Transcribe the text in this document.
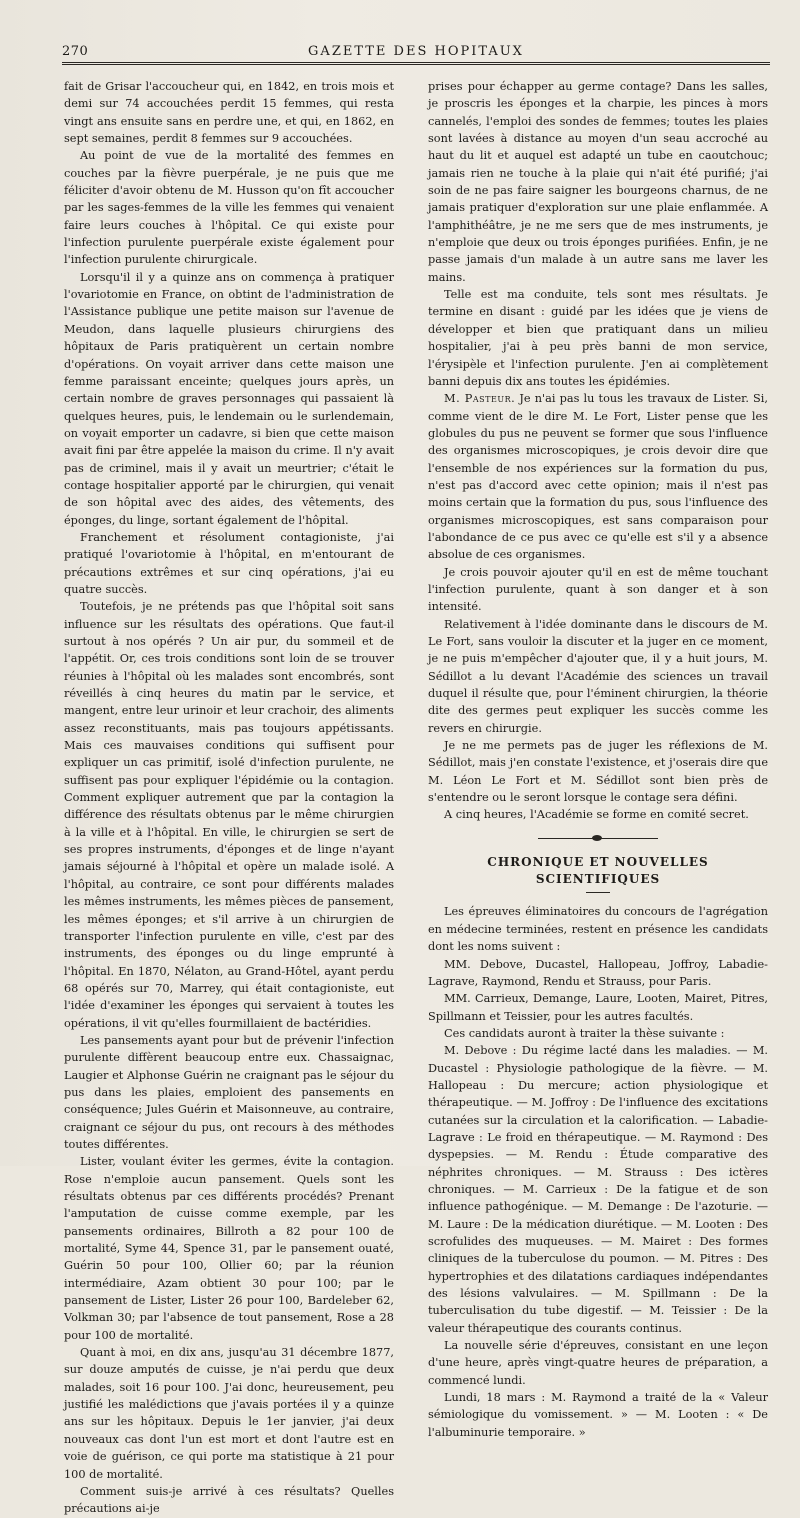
270	GAZETTE DES HOPITAUX

fait de Grisar l'accoucheur qui, en 1842, en trois mois et demi sur 74 accouchées perdit 15 femmes, qui resta vingt ans ensuite sans en perdre une, et qui, en 1862, en sept semaines, perdit 8 femmes sur 9 accouchées.

Au point de vue de la mortalité des femmes en couches par la fièvre puerpérale, je ne puis que me féliciter d'avoir obtenu de M. Husson qu'on fît accoucher par les sages-femmes de la ville les femmes qui venaient faire leurs couches à l'hôpital. Ce qui existe pour l'infection purulente puerpérale existe également pour l'infection purulente chirurgicale.

Lorsqu'il il y a quinze ans on commença à pratiquer l'ovariotomie en France, on obtint de l'administration de l'Assistance publique une petite maison sur l'avenue de Meudon, dans laquelle plusieurs chirurgiens des hôpitaux de Paris pratiquèrent un certain nombre d'opérations. On voyait arriver dans cette maison une femme paraissant enceinte; quelques jours après, un certain nombre de graves personnages qui passaient là quelques heures, puis, le lendemain ou le surlendemain, on voyait emporter un cadavre, si bien que cette maison avait fini par être appelée la maison du crime. Il n'y avait pas de criminel, mais il y avait un meurtrier; c'était le contage hospitalier apporté par le chirurgien, qui venait de son hôpital avec des aides, des vêtements, des éponges, du linge, sortant également de l'hôpital.

Franchement et résolument contagioniste, j'ai pratiqué l'ovariotomie à l'hôpital, en m'entourant de précautions extrêmes et sur cinq opérations, j'ai eu quatre succès.

Toutefois, je ne prétends pas que l'hôpital soit sans influence sur les résultats des opérations. Que faut-il surtout à nos opérés ? Un air pur, du sommeil et de l'appétit. Or, ces trois conditions sont loin de se trouver réunies à l'hôpital où les malades sont encombrés, sont réveillés à cinq heures du matin par le service, et mangent, entre leur urinoir et leur crachoir, des aliments assez reconstituants, mais pas toujours appétissants. Mais ces mauvaises conditions qui suffisent pour expliquer un cas primitif, isolé d'infection purulente, ne suffisent pas pour expliquer l'épidémie ou la contagion. Comment expliquer autrement que par la contagion la différence des résultats obtenus par le même chirurgien à la ville et à l'hôpital. En ville, le chirurgien se sert de ses propres instruments, d'éponges et de linge n'ayant jamais séjourné à l'hôpital et opère un malade isolé. A l'hôpital, au contraire, ce sont pour différents malades les mêmes instruments, les mêmes pièces de pansement, les mêmes éponges; et s'il arrive à un chirurgien de transporter l'infection purulente en ville, c'est par des instruments, des éponges ou du linge emprunté à l'hôpital. En 1870, Nélaton, au Grand-Hôtel, ayant perdu 68 opérés sur 70, Marrey, qui était contagioniste, eut l'idée d'examiner les éponges qui servaient à toutes les opérations, il vit qu'elles fourmillaient de bactéridies.

Les pansements ayant pour but de prévenir l'infection purulente diffèrent beaucoup entre eux. Chassaignac, Laugier et Alphonse Guérin ne craignant pas le séjour du pus dans les plaies, emploient des pansements en conséquence; Jules Guérin et Maisonneuve, au contraire, craignant ce séjour du pus, ont recours à des méthodes toutes différentes.

Lister, voulant éviter les germes, évite la contagion. Rose n'emploie aucun pansement. Quels sont les résultats obtenus par ces différents procédés? Prenant l'amputation de cuisse comme exemple, par les pansements ordinaires, Billroth a 82 pour 100 de mortalité, Syme 44, Spence 31, par le pansement ouaté, Guérin 50 pour 100, Ollier 60; par la réunion intermédiaire, Azam obtient 30 pour 100; par le pansement de Lister, Lister 26 pour 100, Bardeleber 62, Volkman 30; par l'absence de tout pansement, Rose a 28 pour 100 de mortalité.

Quant à moi, en dix ans, jusqu'au 31 décembre 1877, sur douze amputés de cuisse, je n'ai perdu que deux malades, soit 16 pour 100. J'ai donc, heureusement, peu justifié les malédictions que j'avais portées il y a quinze ans sur les hôpitaux. Depuis le 1er janvier, j'ai deux nouveaux cas dont l'un est mort et dont l'autre est en voie de guérison, ce qui porte ma statistique à 21 pour 100 de mortalité.

Comment suis-je arrivé à ces résultats? Quelles précautions ai-je

prises pour échapper au germe contage? Dans les salles, je proscris les éponges et la charpie, les pinces à mors cannelés, l'emploi des sondes de femmes; toutes les plaies sont lavées à distance au moyen d'un seau accroché au haut du lit et auquel est adapté un tube en caoutchouc; jamais rien ne touche à la plaie qui n'ait été purifié; j'ai soin de ne pas faire saigner les bourgeons charnus, de ne jamais pratiquer d'exploration sur une plaie enflammée. A l'amphithéâtre, je ne me sers que de mes instruments, je n'emploie que deux ou trois éponges purifiées. Enfin, je ne passe jamais d'un malade à un autre sans me laver les mains.

Telle est ma conduite, tels sont mes résultats. Je termine en disant : guidé par les idées que je viens de développer et bien que pratiquant dans un milieu hospitalier, j'ai à peu près banni de mon service, l'érysipèle et l'infection purulente. J'en ai complètement banni depuis dix ans toutes les épidémies.

M. Pasteur. Je n'ai pas lu tous les travaux de Lister. Si, comme vient de le dire M. Le Fort, Lister pense que les globules du pus ne peuvent se former que sous l'influence des organismes microscopiques, je crois devoir dire que l'ensemble de nos expériences sur la formation du pus, n'est pas d'accord avec cette opinion; mais il n'est pas moins certain que la formation du pus, sous l'influence des organismes microscopiques, est sans comparaison pour l'abondance de ce pus avec ce qu'elle est s'il y a absence absolue de ces organismes.

Je crois pouvoir ajouter qu'il en est de même touchant l'infection purulente, quant à son danger et à son intensité.

Relativement à l'idée dominante dans le discours de M. Le Fort, sans vouloir la discuter et la juger en ce moment, je ne puis m'empêcher d'ajouter que, il y a huit jours, M. Sédillot a lu devant l'Académie des sciences un travail duquel il résulte que, pour l'éminent chirurgien, la théorie dite des germes peut expliquer les succès comme les revers en chirurgie.

Je ne me permets pas de juger les réflexions de M. Sédillot, mais j'en constate l'existence, et j'oserais dire que M. Léon Le Fort et M. Sédillot sont bien près de s'entendre ou le seront lorsque le contage sera défini.

A cinq heures, l'Académie se forme en comité secret.

CHRONIQUE ET NOUVELLES SCIENTIFIQUES

Les épreuves éliminatoires du concours de l'agrégation en médecine terminées, restent en présence les candidats dont les noms suivent :

MM. Debove, Ducastel, Hallopeau, Joffroy, Labadie-Lagrave, Raymond, Rendu et Strauss, pour Paris.

MM. Carrieux, Demange, Laure, Looten, Mairet, Pitres, Spillmann et Teissier, pour les autres facultés.

Ces candidats auront à traiter la thèse suivante :

M. Debove : Du régime lacté dans les maladies. — M. Ducastel : Physiologie pathologique de la fièvre. — M. Hallopeau : Du mercure; action physiologique et thérapeutique. — M. Joffroy : De l'influence des excitations cutanées sur la circulation et la calorification. — Labadie-Lagrave : Le froid en thérapeutique. — M. Raymond : Des dyspepsies. — M. Rendu : Étude comparative des néphrites chroniques. — M. Strauss : Des ictères chroniques. — M. Carrieux : De la fatigue et de son influence pathogénique. — M. Demange : De l'azoturie. — M. Laure : De la médication diurétique. — M. Looten : Des scrofulides des muqueuses. — M. Mairet : Des formes cliniques de la tuberculose du poumon. — M. Pitres : Des hypertrophies et des dilatations cardiaques indépendantes des lésions valvulaires. — M. Spillmann : De la tuberculisation du tube digestif. — M. Teissier : De la valeur thérapeutique des courants continus.

La nouvelle série d'épreuves, consistant en une leçon d'une heure, après vingt-quatre heures de préparation, a commencé lundi.

Lundi, 18 mars : M. Raymond a traité de la « Valeur sémiologique du vomissement. » — M. Looten : « De l'albuminurie temporaire. »
